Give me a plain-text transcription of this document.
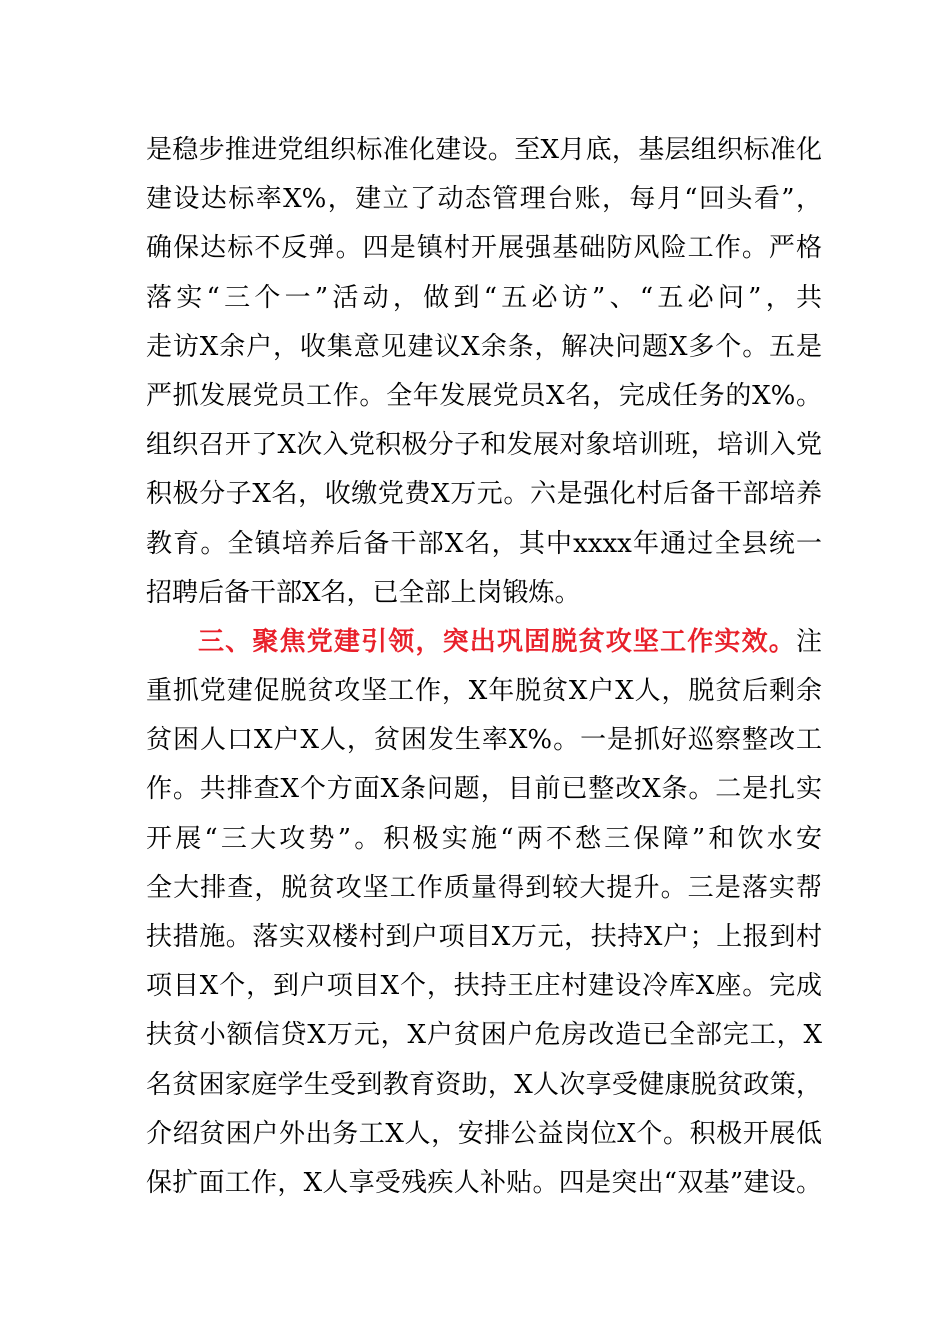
是稳步推进党组织标准化建设。至X月底，基层组织标准化
建设达标率X%，建立了动态管理台账，每月“回头看”，
确保达标不反弹。四是镇村开展强基础防风险工作。严格
落实“三个一”活动，做到“五必访”、“五必问”，共
走访X余户，收集意见建议X余条，解决问题X多个。五是
严抓发展党员工作。全年发展党员X名，完成任务的X%。
组织召开了X次入党积极分子和发展对象培训班，培训入党
积极分子X名，收缴党费X万元。六是强化村后备干部培养
教育。全镇培养后备干部X名，其中xxxx年通过全县统一
招聘后备干部X名，已全部上岗锻炼。
三、聚焦党建引领，突出巩固脱贫攻坚工作实效。注
重抓党建促脱贫攻坚工作，X年脱贫X户X人，脱贫后剩余
贫困人口X户X人，贫困发生率X%。一是抓好巡察整改工
作。共排查X个方面X条问题，目前已整改X条。二是扎实
开展“三大攻势”。积极实施“两不愁三保障”和饮水安
全大排查，脱贫攻坚工作质量得到较大提升。三是落实帮
扶措施。落实双楼村到户项目X万元，扶持X户；上报到村
项目X个，到户项目X个，扶持王庄村建设冷库X座。完成
扶贫小额信贷X万元，X户贫困户危房改造已全部完工，X
名贫困家庭学生受到教育资助，X人次享受健康脱贫政策，
介绍贫困户外出务工X人，安排公益岗位X个。积极开展低
保扩面工作，X人享受残疾人补贴。四是突出“双基”建设。
